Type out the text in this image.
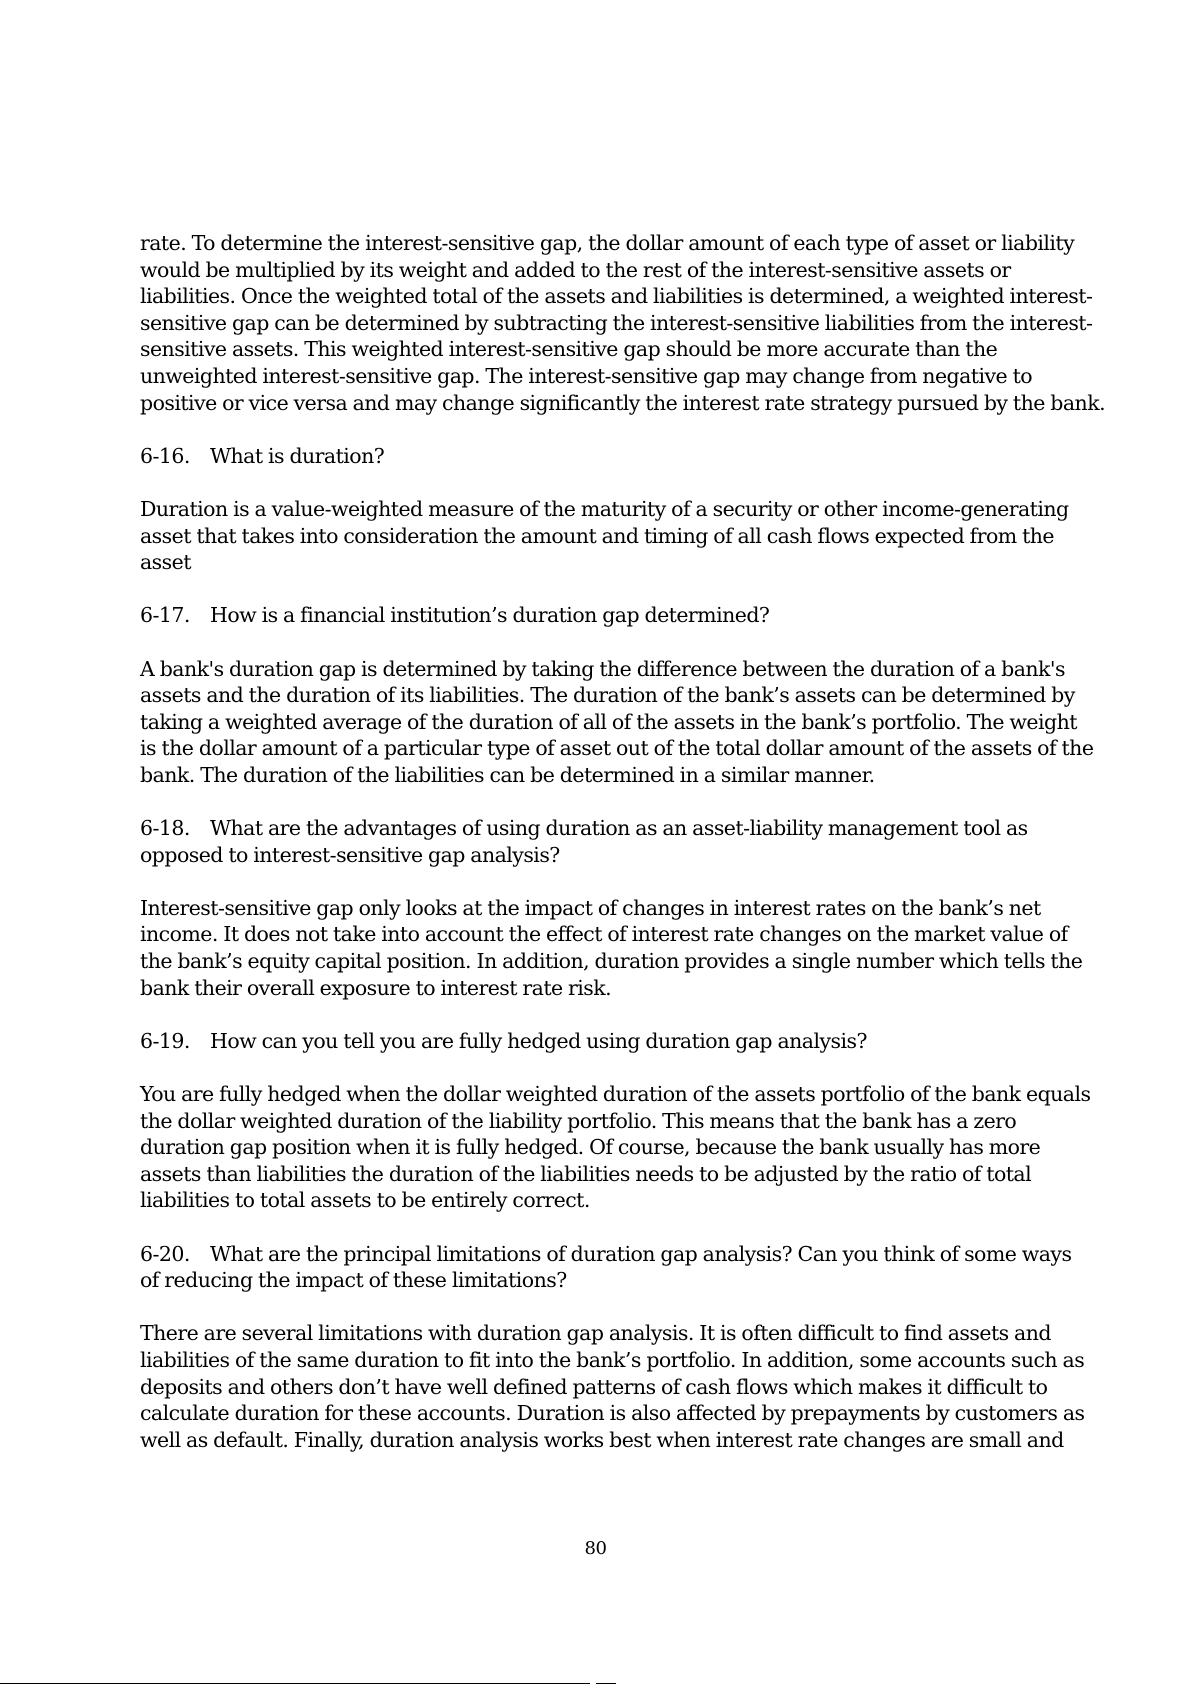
rate. To determine the interest-sensitive gap, the dollar amount of each type of asset or liability
would be multiplied by its weight and added to the rest of the interest-sensitive assets or
liabilities. Once the weighted total of the assets and liabilities is determined, a weighted interest-
sensitive gap can be determined by subtracting the interest-sensitive liabilities from the interest-
sensitive assets. This weighted interest-sensitive gap should be more accurate than the
unweighted interest-sensitive gap. The interest-sensitive gap may change from negative to
positive or vice versa and may change significantly the interest rate strategy pursued by the bank.
6-16. What is duration?
Duration is a value-weighted measure of the maturity of a security or other income-generating
asset that takes into consideration the amount and timing of all cash flows expected from the
asset
6-17. How is a financial institution’s duration gap determined?
A bank's duration gap is determined by taking the difference between the duration of a bank's
assets and the duration of its liabilities. The duration of the bank’s assets can be determined by
taking a weighted average of the duration of all of the assets in the bank’s portfolio. The weight
is the dollar amount of a particular type of asset out of the total dollar amount of the assets of the
bank. The duration of the liabilities can be determined in a similar manner.
6-18. What are the advantages of using duration as an asset-liability management tool as
opposed to interest-sensitive gap analysis?
Interest-sensitive gap only looks at the impact of changes in interest rates on the bank’s net
income. It does not take into account the effect of interest rate changes on the market value of
the bank’s equity capital position. In addition, duration provides a single number which tells the
bank their overall exposure to interest rate risk.
6-19. How can you tell you are fully hedged using duration gap analysis?
You are fully hedged when the dollar weighted duration of the assets portfolio of the bank equals
the dollar weighted duration of the liability portfolio. This means that the bank has a zero
duration gap position when it is fully hedged. Of course, because the bank usually has more
assets than liabilities the duration of the liabilities needs to be adjusted by the ratio of total
liabilities to total assets to be entirely correct.
6-20. What are the principal limitations of duration gap analysis? Can you think of some ways
of reducing the impact of these limitations?
There are several limitations with duration gap analysis. It is often difficult to find assets and
liabilities of the same duration to fit into the bank’s portfolio. In addition, some accounts such as
deposits and others don’t have well defined patterns of cash flows which makes it difficult to
calculate duration for these accounts. Duration is also affected by prepayments by customers as
well as default. Finally, duration analysis works best when interest rate changes are small and
80
